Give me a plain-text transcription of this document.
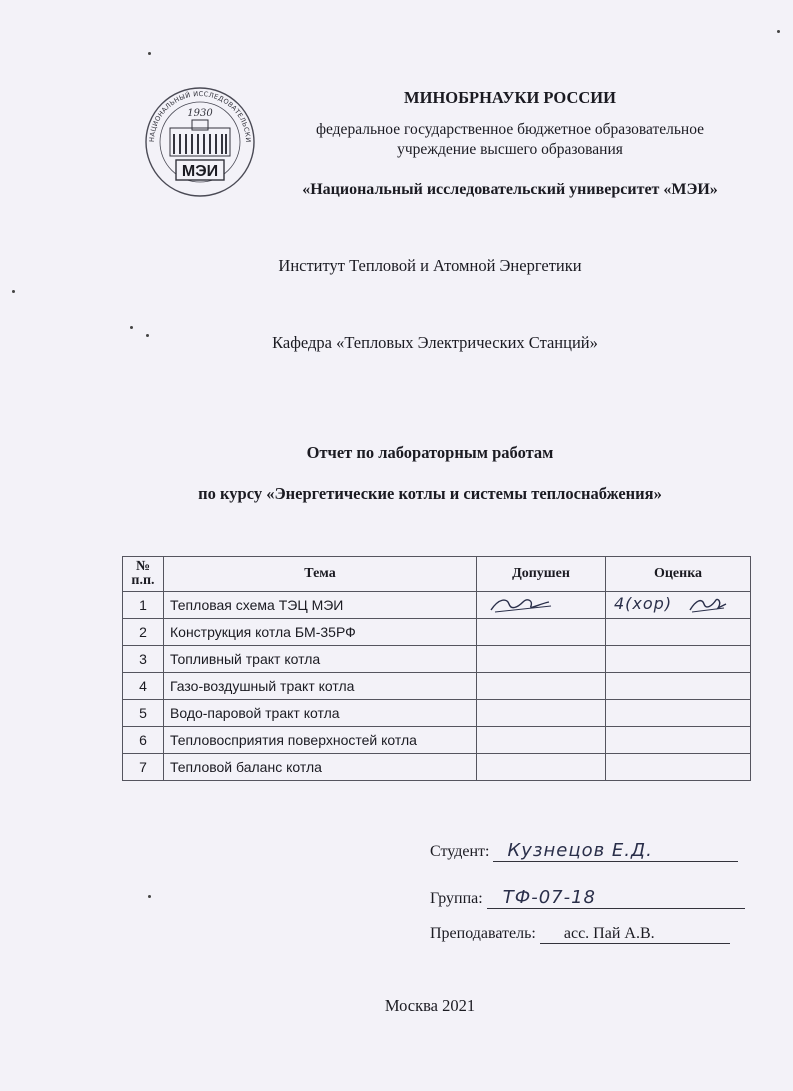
НАЦИОНАЛЬНЫЙ ИССЛЕДОВАТЕЛЬСКИ
1930
МЭИ
МИНОБРНАУКИ РОССИИ
федеральное государственное бюджетное образовательное
учреждение высшего образования
«Национальный исследовательский университет «МЭИ»
Институт Тепловой и Атомной Энергетики
Кафедра «Тепловых Электрических Станций»
Отчет по лабораторным работам
по курсу «Энергетические котлы и системы теплоснабжения»
№ п.п.	Тема	Допушен	Оценка
1	Тепловая схема ТЭЦ МЭИ		4(хор)

2	Конструкция котла БМ-35РФ		
3	Топливный тракт котла		
4	Газо-воздушный тракт котла		
5	Водо-паровой тракт котла		
6	Тепловосприятия поверхностей котла		
7	Тепловой баланс котла		
Студент: Кузнецов Е.Д.
Группа: ТФ-07-18
Преподаватель: асс. Пай А.В.
Москва 2021
